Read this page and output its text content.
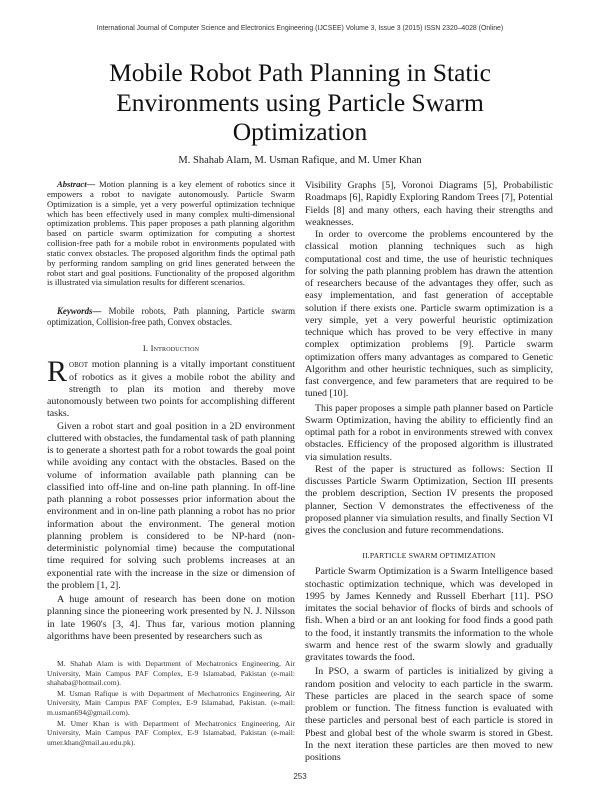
International Journal of Computer Science and Electronics Engineering (IJCSEE) Volume 3, Issue 3 (2015) ISSN 2320–4028 (Online)
Mobile Robot Path Planning in Static Environments using Particle Swarm Optimization
M. Shahab Alam, M. Usman Rafique, and M. Umer Khan

Abstract— Motion planning is a key element of robotics since it empowers a robot to navigate autonomously. Particle Swarm Optimization is a simple, yet a very powerful optimization technique which has been effectively used in many complex multi-dimensional optimization problems. This paper proposes a path planning algorithm based on particle swarm optimization for computing a shortest collision-free path for a mobile robot in environments populated with static convex obstacles. The proposed algorithm finds the optimal path by performing random sampling on grid lines generated between the robot start and goal positions. Functionality of the proposed algorithm is illustrated via simulation results for different scenarios.

Keywords— Mobile robots, Path planning, Particle swarm optimization, Collision-free path, Convex obstacles.

I. Introduction

Robot motion planning is a vitally important constituent of robotics as it gives a mobile robot the ability and strength to plan its motion and thereby move autonomously between two points for accomplishing different tasks.

Given a robot start and goal position in a 2D environment cluttered with obstacles, the fundamental task of path planning is to generate a shortest path for a robot towards the goal point while avoiding any contact with the obstacles. Based on the volume of information available path planning can be classified into off-line and on-line path planning. In off-line path planning a robot possesses prior information about the environment and in on-line path planning a robot has no prior information about the environment. The general motion planning problem is considered to be NP-hard (non-deterministic polynomial time) because the computational time required for solving such problems increases at an exponential rate with the increase in the size or dimension of the problem [1, 2].

A huge amount of research has been done on motion planning since the pioneering work presented by N. J. Nilsson in late 1960's [3, 4]. Thus far, various motion planning algorithms have been presented by researchers such as

M. Shahab Alam is with Department of Mechatronics Engineering, Air University, Main Campus PAF Complex, E-9 Islamabad, Pakistan (e-mail: shahaba@hotmail.com).

M. Usman Rafique is with Department of Mechatronics Engineering, Air University, Main Campus PAF Complex, E-9 Islamabad, Pakistan. (e-mail: m.usman694@gmail.com).

M. Umer Khan is with Department of Mechatronics Engineering, Air University, Main Campus PAF Complex, E-9 Islamabad, Pakistan (e-mail: umer.khan@mail.au.edu.pk).

Visibility Graphs [5], Voronoi Diagrams [5], Probabilistic Roadmaps [6], Rapidly Exploring Random Trees [7], Potential Fields [8] and many others, each having their strengths and weaknesses.

In order to overcome the problems encountered by the classical motion planning techniques such as high computational cost and time, the use of heuristic techniques for solving the path planning problem has drawn the attention of researchers because of the advantages they offer, such as easy implementation, and fast generation of acceptable solution if there exists one. Particle swarm optimization is a very simple, yet a very powerful heuristic optimization technique which has proved to be very effective in many complex optimization problems [9]. Particle swarm optimization offers many advantages as compared to Genetic Algorithm and other heuristic techniques, such as simplicity, fast convergence, and few parameters that are required to be tuned [10].

This paper proposes a simple path planner based on Particle Swarm Optimization, having the ability to efficiently find an optimal path for a robot in environments strewed with convex obstacles. Efficiency of the proposed algorithm is illustrated via simulation results.

Rest of the paper is structured as follows: Section II discusses Particle Swarm Optimization, Section III presents the problem description, Section IV presents the proposed planner, Section V demonstrates the effectiveness of the proposed planner via simulation results, and finally Section VI gives the conclusion and future recommendations.

II.PARTICLE SWARM OPTIMIZATION

Particle Swarm Optimization is a Swarm Intelligence based stochastic optimization technique, which was developed in 1995 by James Kennedy and Russell Eberhart [11]. PSO imitates the social behavior of flocks of birds and schools of fish. When a bird or an ant looking for food finds a good path to the food, it instantly transmits the information to the whole swarm and hence rest of the swarm slowly and gradually gravitates towards the food.

In PSO, a swarm of particles is initialized by giving a random position and velocity to each particle in the swarm. These particles are placed in the search space of some problem or function. The fitness function is evaluated with these particles and personal best of each particle is stored in Pbest and global best of the whole swarm is stored in Gbest. In the next iteration these particles are then moved to new positions

253
